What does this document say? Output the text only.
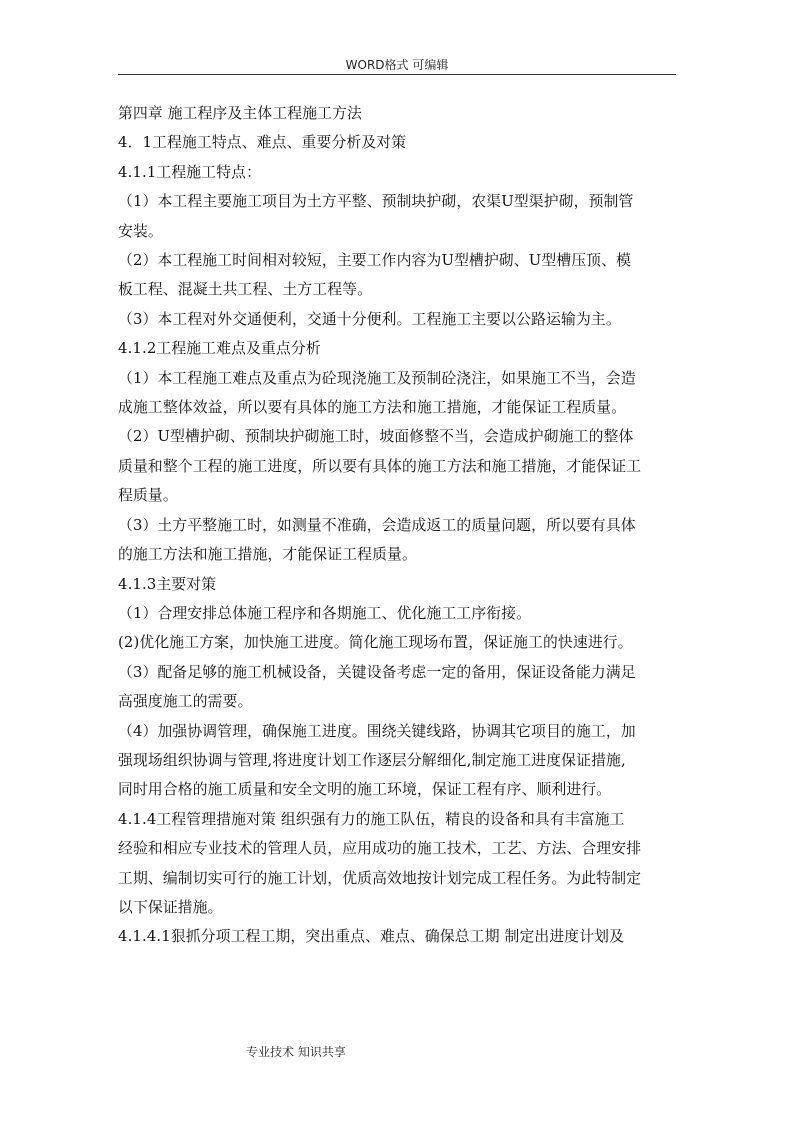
WORD格式 可编辑

第四章 施工程序及主体工程施工方法

4．1工程施工特点、难点、重要分析及对策

4.1.1工程施工特点：

（1）本工程主要施工项目为土方平整、预制块护砌，农渠U型渠护砌，预制管

安装。

（2）本工程施工时间相对较短，主要工作内容为U型槽护砌、U型槽压顶、模

板工程、混凝土共工程、土方工程等。

（3）本工程对外交通便利，交通十分便利。工程施工主要以公路运输为主。

4.1.2工程施工难点及重点分析

（1）本工程施工难点及重点为砼现浇施工及预制砼浇注，如果施工不当，会造

成施工整体效益，所以要有具体的施工方法和施工措施，才能保证工程质量。

（2）U型槽护砌、预制块护砌施工时，坡面修整不当，会造成护砌施工的整体

质量和整个工程的施工进度，所以要有具体的施工方法和施工措施，才能保证工

程质量。

（3）土方平整施工时，如测量不准确，会造成返工的质量问题，所以要有具体

的施工方法和施工措施，才能保证工程质量。

4.1.3主要对策

（1）合理安排总体施工程序和各期施工、优化施工工序衔接。

(2)优化施工方案，加快施工进度。简化施工现场布置，保证施工的快速进行。

（3）配备足够的施工机械设备，关键设备考虑一定的备用，保证设备能力满足

高强度施工的需要。

（4）加强协调管理，确保施工进度。围绕关键线路，协调其它项目的施工，加

强现场组织协调与管理,将进度计划工作逐层分解细化,制定施工进度保证措施,

同时用合格的施工质量和安全文明的施工环境，保证工程有序、顺利进行。

4.1.4工程管理措施对策 组织强有力的施工队伍，精良的设备和具有丰富施工

经验和相应专业技术的管理人员，应用成功的施工技术，工艺、方法、合理安排

工期、编制切实可行的施工计划，优质高效地按计划完成工程任务。为此特制定

以下保证措施。

4.1.4.1狠抓分项工程工期，突出重点、难点、确保总工期 制定出进度计划及

专业技术 知识共享
